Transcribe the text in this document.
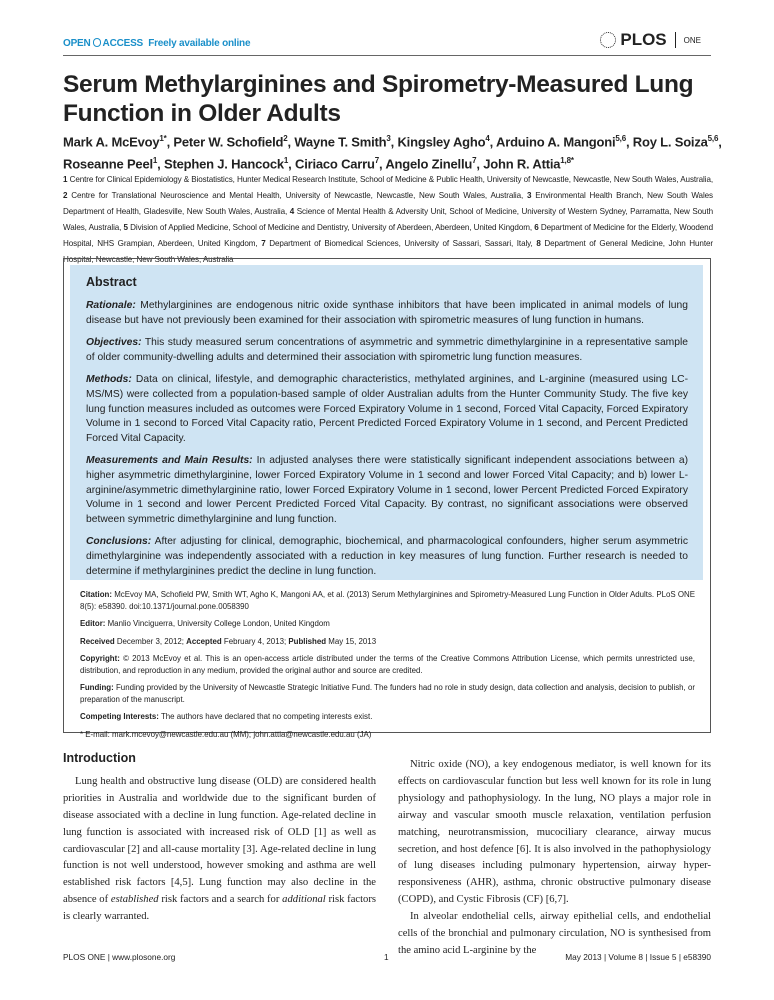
OPEN ACCESS Freely available online	PLOS ONE
Serum Methylarginines and Spirometry-Measured Lung Function in Older Adults
Mark A. McEvoy$^{1*}$, Peter W. Schofield$^2$, Wayne T. Smith$^3$, Kingsley Agho$^4$, Arduino A. Mangoni$^{5,6}$, Roy L. Soiza$^{5,6}$, Roseanne Peel$^1$, Stephen J. Hancock$^1$, Ciriaco Carru$^7$, Angelo Zinellu$^7$, John R. Attia$^{1,8*}$
1 Centre for Clinical Epidemiology & Biostatistics, Hunter Medical Research Institute, School of Medicine & Public Health, University of Newcastle, Newcastle, New South Wales, Australia, 2 Centre for Translational Neuroscience and Mental Health, University of Newcastle, Newcastle, New South Wales, Australia, 3 Environmental Health Branch, New South Wales Department of Health, Gladesville, New South Wales, Australia, 4 Science of Mental Health & Adversity Unit, School of Medicine, University of Western Sydney, Parramatta, New South Wales, Australia, 5 Division of Applied Medicine, School of Medicine and Dentistry, University of Aberdeen, Aberdeen, United Kingdom, 6 Department of Medicine for the Elderly, Woodend Hospital, NHS Grampian, Aberdeen, United Kingdom, 7 Department of Biomedical Sciences, University of Sassari, Sassari, Italy, 8 Department of General Medicine, John Hunter Hospital, Newcastle, New South Wales, Australia
Abstract

Rationale: Methylarginines are endogenous nitric oxide synthase inhibitors that have been implicated in animal models of lung disease but have not previously been examined for their association with spirometric measures of lung function in humans.

Objectives: This study measured serum concentrations of asymmetric and symmetric dimethylarginine in a representative sample of older community-dwelling adults and determined their association with spirometric lung function measures.

Methods: Data on clinical, lifestyle, and demographic characteristics, methylated arginines, and L-arginine (measured using LC-MS/MS) were collected from a population-based sample of older Australian adults from the Hunter Community Study. The five key lung function measures included as outcomes were Forced Expiratory Volume in 1 second, Forced Vital Capacity, Forced Expiratory Volume in 1 second to Forced Vital Capacity ratio, Percent Predicted Forced Expiratory Volume in 1 second, and Percent Predicted Forced Vital Capacity.

Measurements and Main Results: In adjusted analyses there were statistically significant independent associations between a) higher asymmetric dimethylarginine, lower Forced Expiratory Volume in 1 second and lower Forced Vital Capacity; and b) lower L-arginine/asymmetric dimethylarginine ratio, lower Forced Expiratory Volume in 1 second, lower Percent Predicted Forced Expiratory Volume in 1 second and lower Percent Predicted Forced Vital Capacity. By contrast, no significant associations were observed between symmetric dimethylarginine and lung function.

Conclusions: After adjusting for clinical, demographic, biochemical, and pharmacological confounders, higher serum asymmetric dimethylarginine was independently associated with a reduction in key measures of lung function. Further research is needed to determine if methylarginines predict the decline in lung function.

Citation: McEvoy MA, Schofield PW, Smith WT, Agho K, Mangoni AA, et al. (2013) Serum Methylarginines and Spirometry-Measured Lung Function in Older Adults. PLoS ONE 8(5): e58390. doi:10.1371/journal.pone.0058390

Editor: Manlio Vinciguerra, University College London, United Kingdom

Received December 3, 2012; Accepted February 4, 2013; Published May 15, 2013

Copyright: © 2013 McEvoy et al. This is an open-access article distributed under the terms of the Creative Commons Attribution License, which permits unrestricted use, distribution, and reproduction in any medium, provided the original author and source are credited.

Funding: Funding provided by the University of Newcastle Strategic Initiative Fund. The funders had no role in study design, data collection and analysis, decision to publish, or preparation of the manuscript.

Competing Interests: The authors have declared that no competing interests exist.

* E-mail: mark.mcevoy@newcastle.edu.au (MM); john.attia@newcastle.edu.au (JA)

Introduction

Lung health and obstructive lung disease (OLD) are considered health priorities in Australia and worldwide due to the significant burden of disease associated with a decline in lung function. Age-related decline in lung function is associated with increased risk of OLD [1] as well as cardiovascular [2] and all-cause mortality [3]. Age-related decline in lung function is not well understood, however smoking and asthma are well established risk factors [4,5]. Lung function may also decline in the absence of established risk factors and a search for additional risk factors is clearly warranted.

Nitric oxide (NO), a key endogenous mediator, is well known for its effects on cardiovascular function but less well known for its role in lung physiology and pathophysiology. In the lung, NO plays a major role in airway and vascular smooth muscle relaxation, ventilation perfusion matching, neurotransmission, mucociliary clearance, airway mucus secretion, and host defence [6]. It is also involved in the pathophysiology of lung diseases including pulmonary hypertension, airway hyper-responsiveness (AHR), asthma, chronic obstructive pulmonary disease (COPD), and Cystic Fibrosis (CF) [6,7].

In alveolar endothelial cells, airway epithelial cells, and endothelial cells of the bronchial and pulmonary circulation, NO is synthesised from the amino acid L-arginine by the

PLOS ONE | www.plosone.org	1	May 2013 | Volume 8 | Issue 5 | e58390
